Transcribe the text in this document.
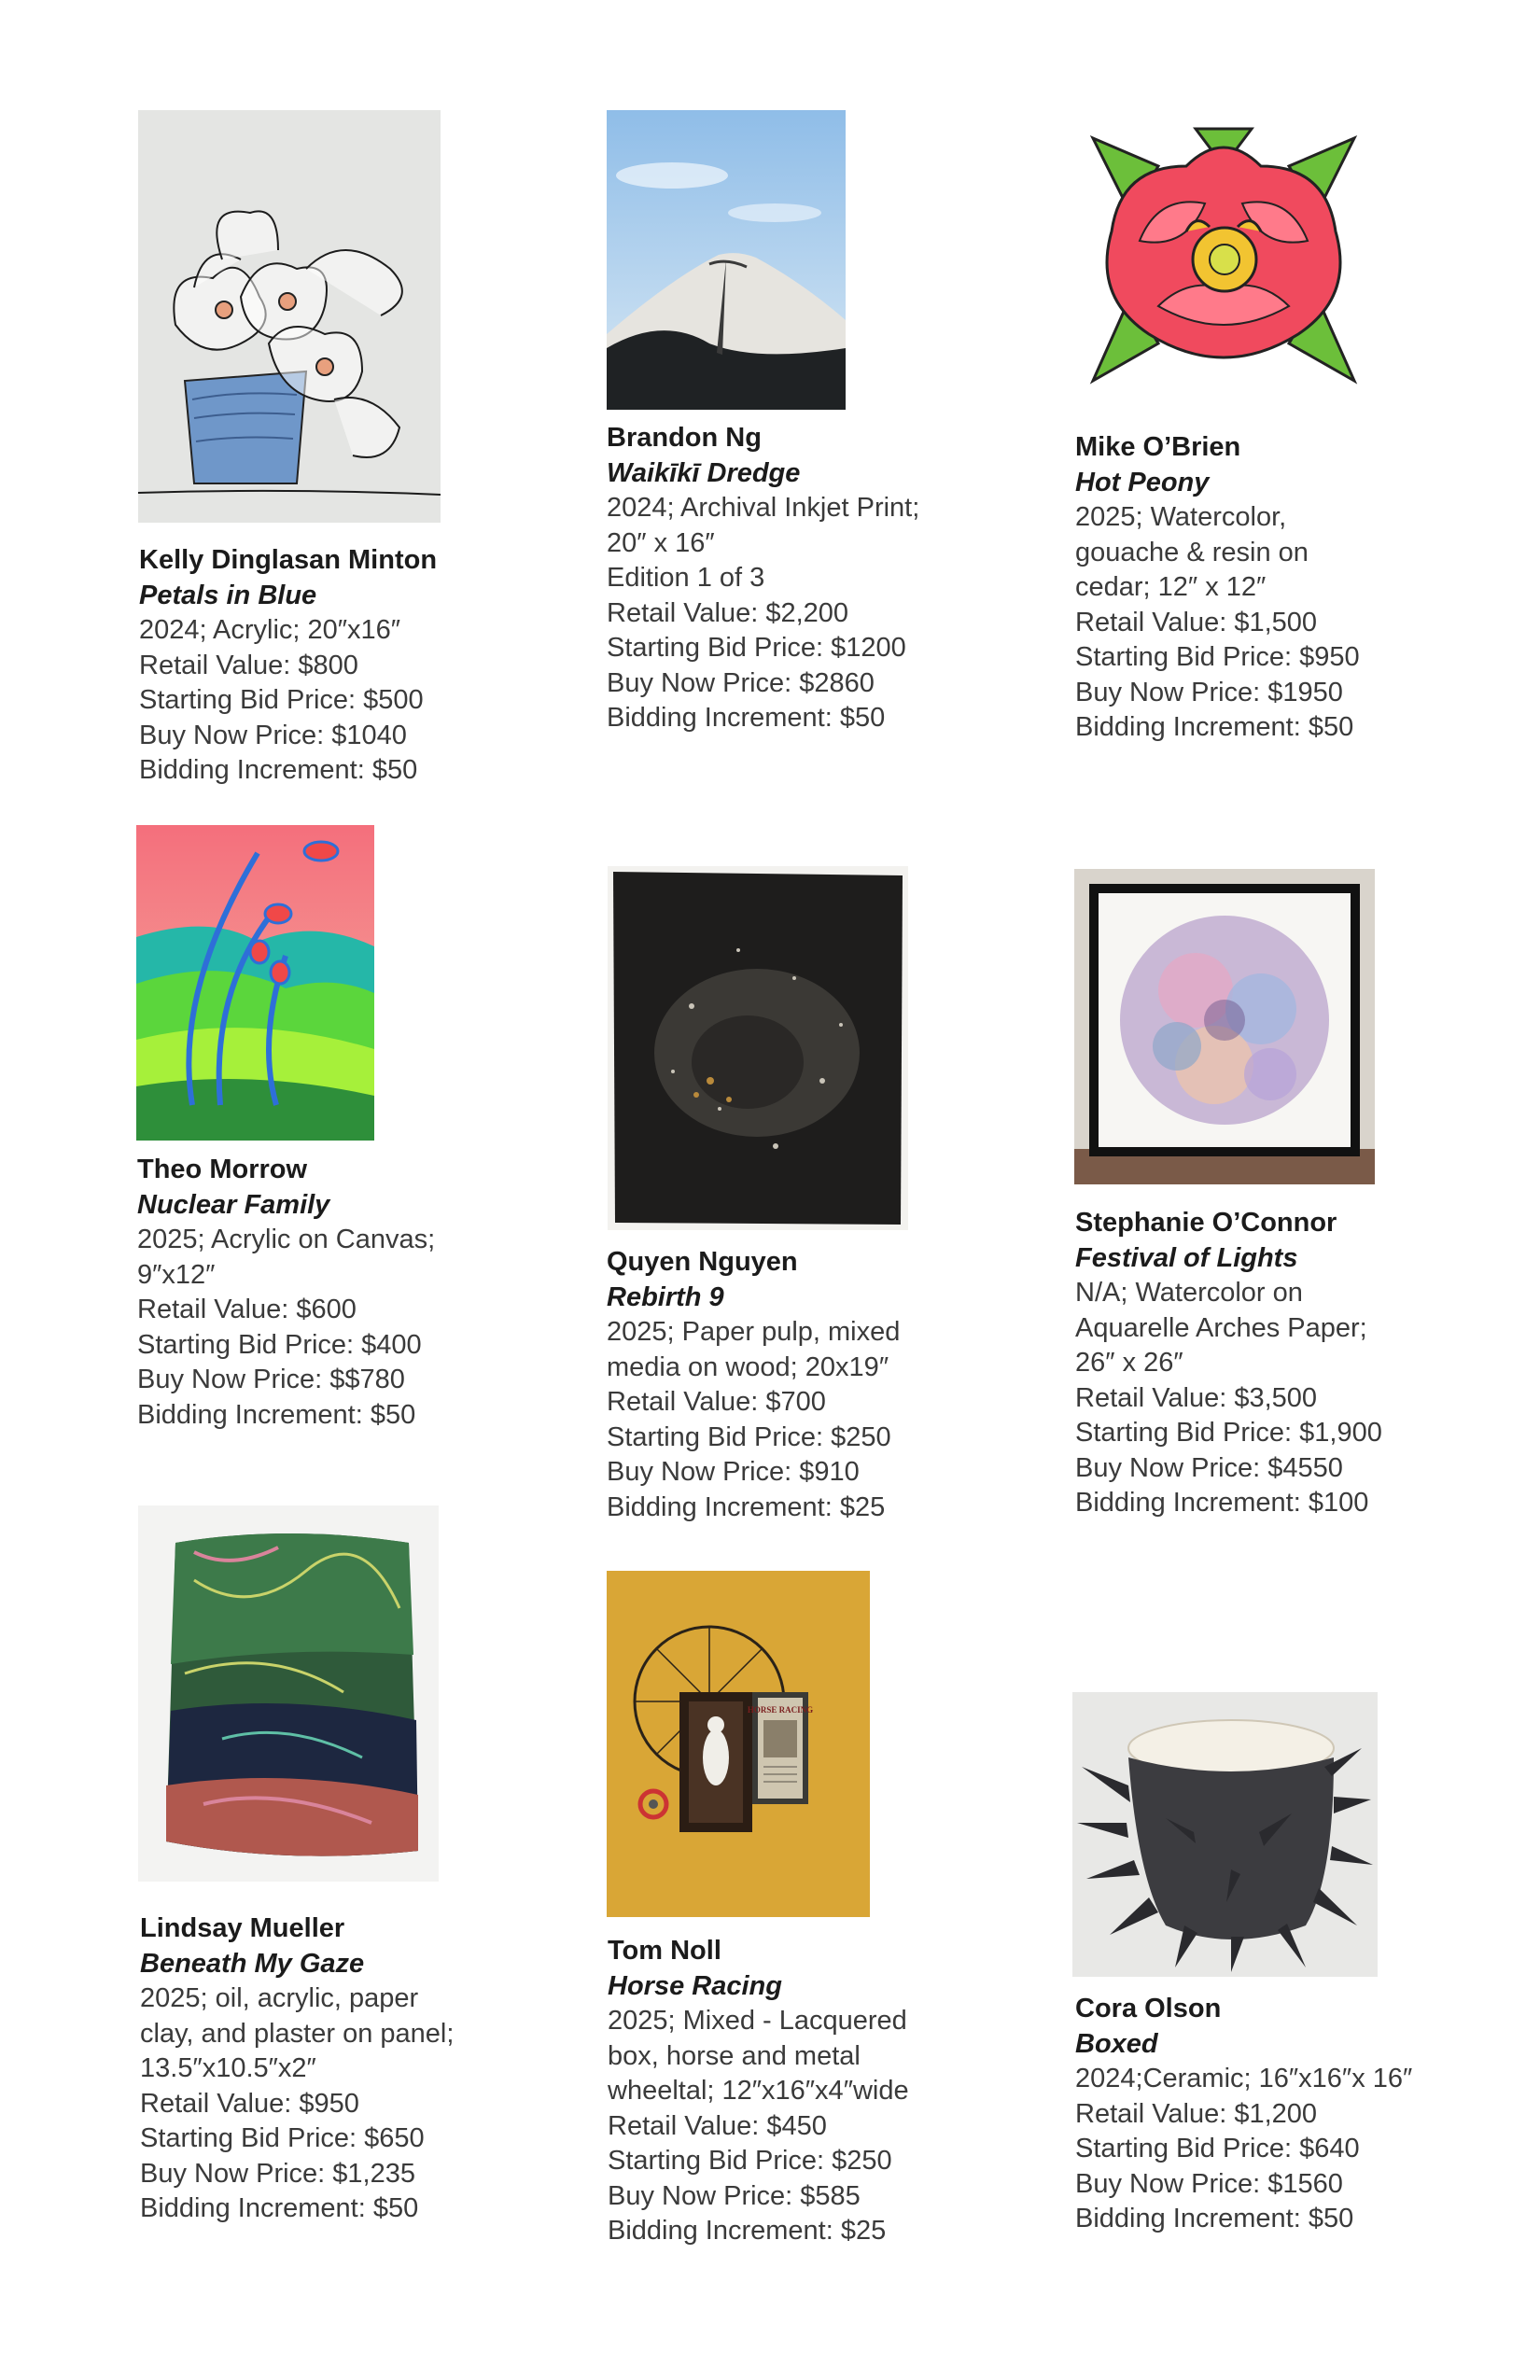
Kelly Dinglasan Minton
Petals in Blue
2024; Acrylic; 20″x16″
Retail Value: $800
Starting Bid Price: $500
Buy Now Price: $1040
Bidding Increment: $50
Brandon Ng
Waikīkī Dredge
2024; Archival Inkjet Print;
20″ x 16″
Edition 1 of 3
Retail Value: $2,200
Starting Bid Price: $1200
Buy Now Price: $2860
Bidding Increment: $50
Mike O’Brien
Hot Peony
2025; Watercolor,
gouache & resin on
cedar; 12″ x 12″
Retail Value: $1,500
Starting Bid Price: $950
Buy Now Price: $1950
Bidding Increment: $50
Theo Morrow
Nuclear Family
2025; Acrylic on Canvas;
9″x12″
Retail Value: $600
Starting Bid Price: $400
Buy Now Price: $$780
Bidding Increment: $50
Quyen Nguyen
Rebirth 9
2025; Paper pulp, mixed
media on wood; 20x19″
Retail Value: $700
Starting Bid Price: $250
Buy Now Price: $910
Bidding Increment: $25
Stephanie O’Connor
Festival of Lights
N/A; Watercolor on
Aquarelle Arches Paper;
26″ x 26″
Retail Value: $3,500
Starting Bid Price: $1,900
Buy Now Price: $4550
Bidding Increment: $100
Lindsay Mueller
Beneath My Gaze
2025; oil, acrylic, paper
clay, and plaster on panel;
13.5″x10.5″x2″
Retail Value: $950
Starting Bid Price: $650
Buy Now Price: $1,235
Bidding Increment: $50
HORSE RACING
Tom Noll
Horse Racing
2025; Mixed - Lacquered
box, horse and metal
wheeltal; 12″x16″x4″wide
Retail Value: $450
Starting Bid Price: $250
Buy Now Price: $585
Bidding Increment: $25
Cora Olson
Boxed
2024;Ceramic; 16″x16″x 16″
Retail Value: $1,200
Starting Bid Price: $640
Buy Now Price: $1560
Bidding Increment: $50
